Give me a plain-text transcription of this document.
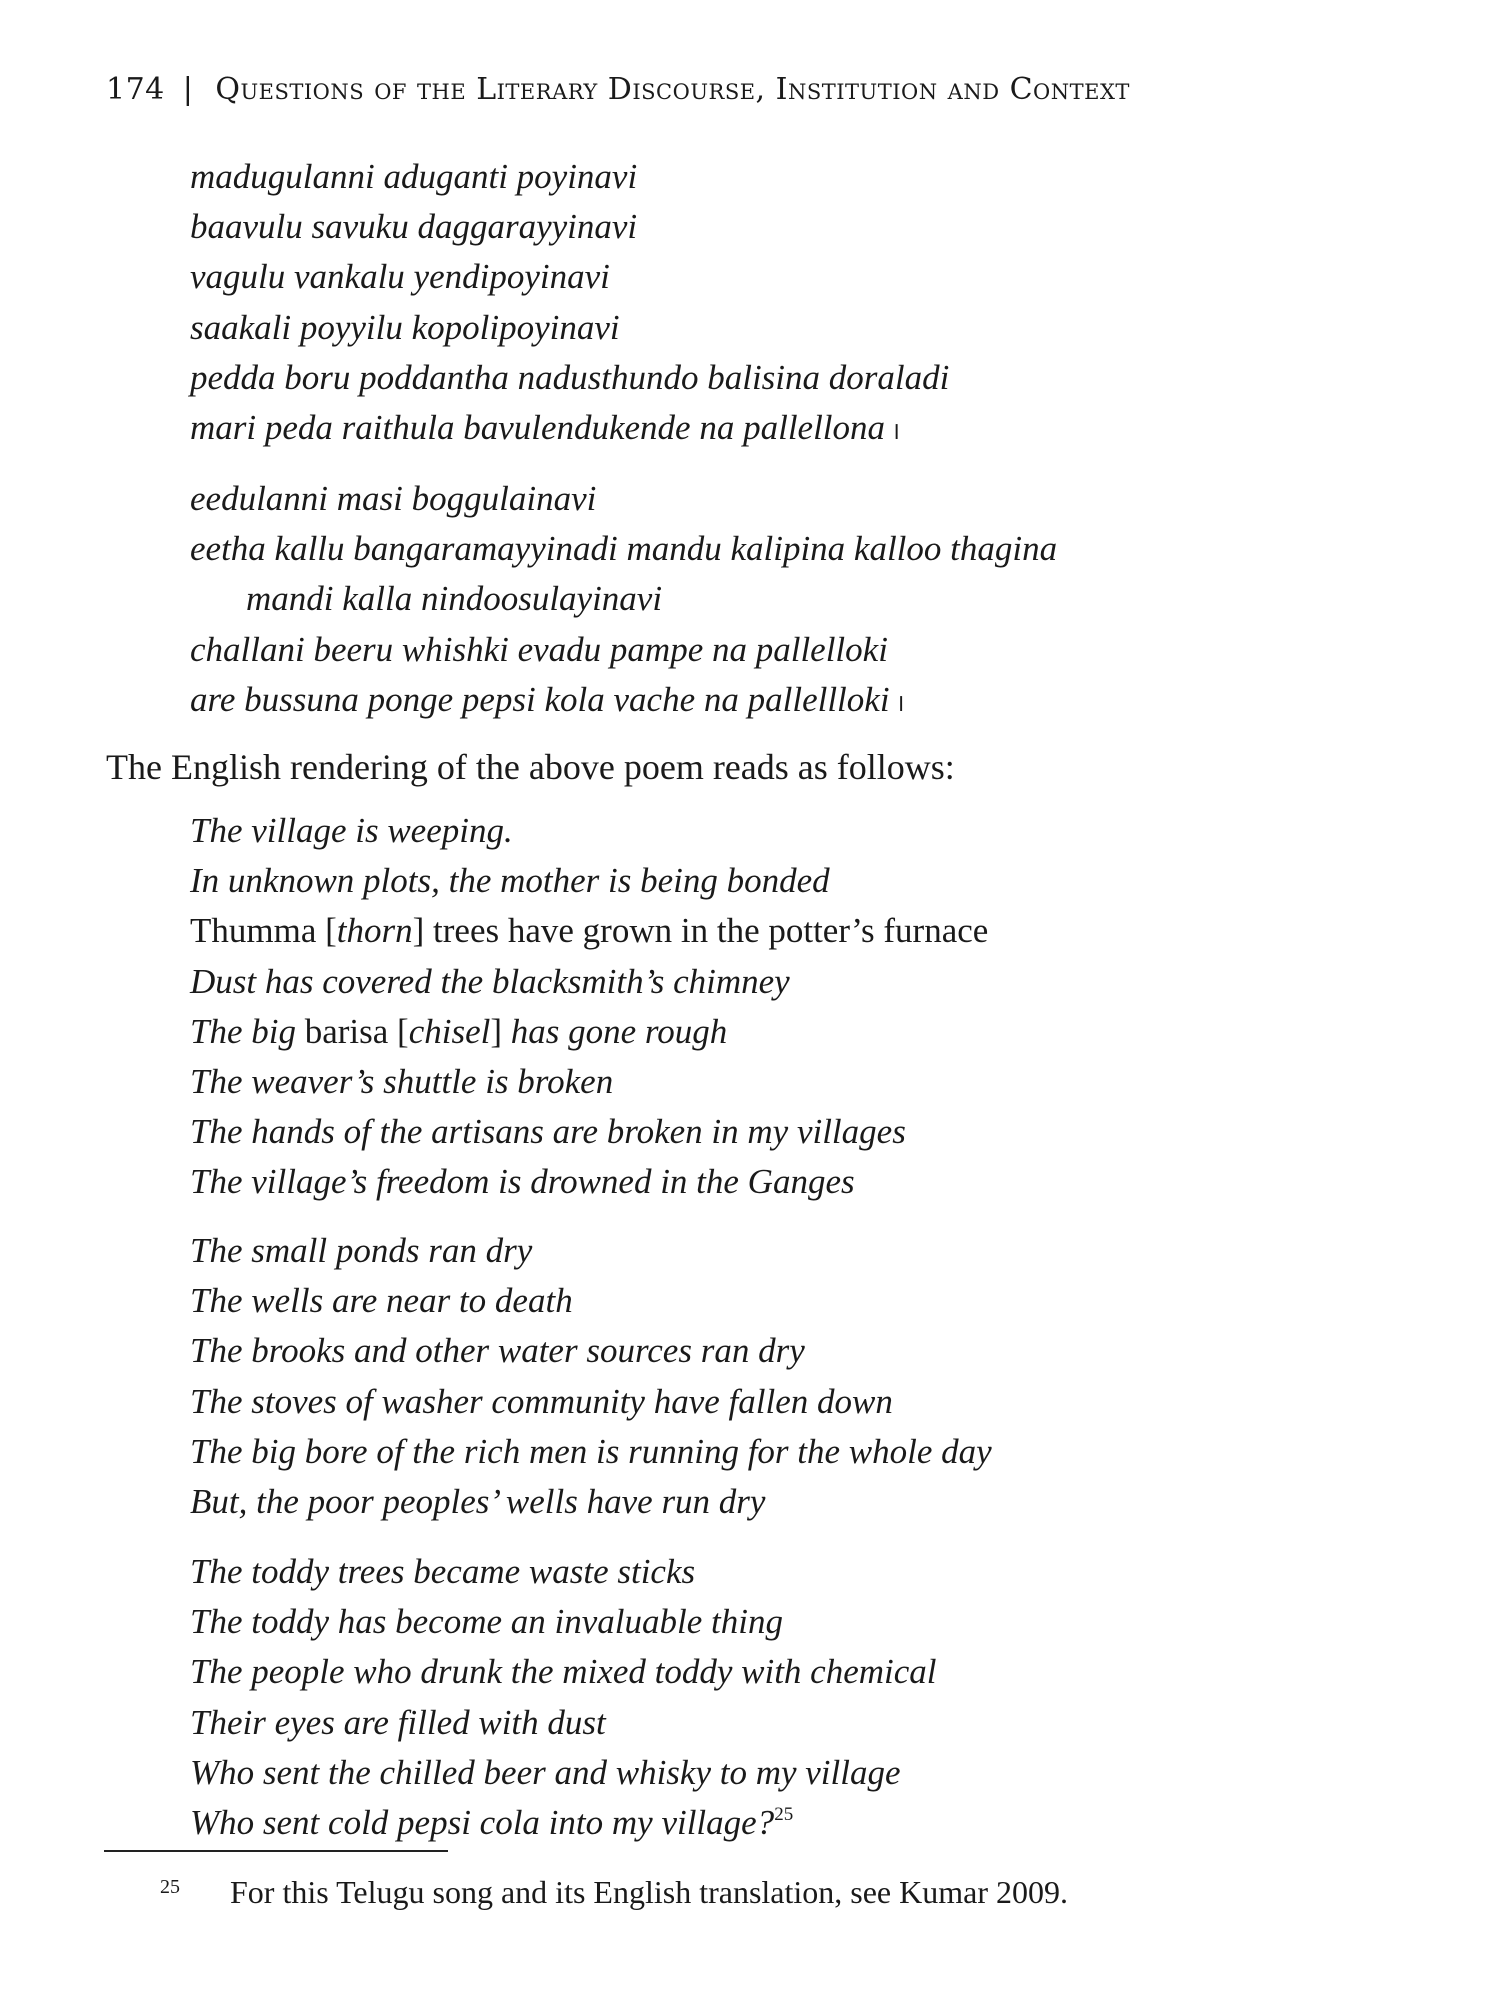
174 | Questions of the Literary Discourse, Institution and Context
madugulanni aduganti poyinavi
baavulu savuku daggarayyinavi
vagulu vankalu yendipoyinavi
saakali poyyilu kopolipoyinavi
pedda boru poddantha nadusthundo balisina doraladi
mari peda raithula bavulendukende na pallellona ।
eedulanni masi boggulainavi
eetha kallu bangaramayyinadi mandu kalipina kalloo thagina
mandi kalla nindoosulayinavi
challani beeru whishki evadu pampe na pallelloki
are bussuna ponge pepsi kola vache na pallellloki ।
The English rendering of the above poem reads as follows:
The village is weeping.
In unknown plots, the mother is being bonded
Thumma [thorn] trees have grown in the potter’s furnace
Dust has covered the blacksmith’s chimney
The big barisa [chisel] has gone rough
The weaver’s shuttle is broken
The hands of the artisans are broken in my villages
The village’s freedom is drowned in the Ganges
The small ponds ran dry
The wells are near to death
The brooks and other water sources ran dry
The stoves of washer community have fallen down
The big bore of the rich men is running for the whole day
But, the poor peoples’ wells have run dry
The toddy trees became waste sticks
The toddy has become an invaluable thing
The people who drunk the mixed toddy with chemical
Their eyes are filled with dust
Who sent the chilled beer and whisky to my village
Who sent cold pepsi cola into my village?$^{25}$
25 For this Telugu song and its English translation, see Kumar 2009.
